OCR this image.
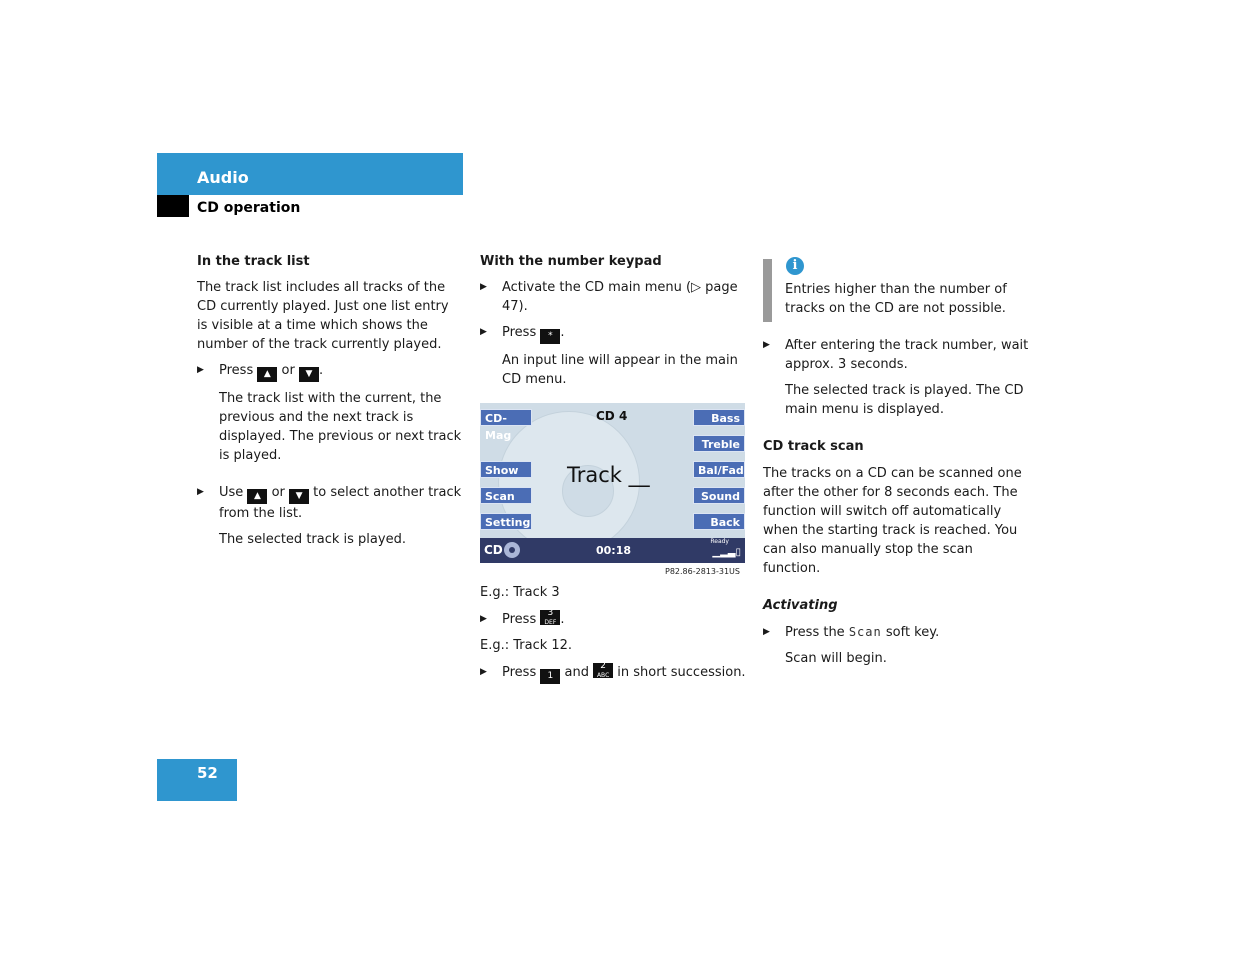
Audio
CD operation

In the track list

The track list includes all tracks of the CD currently played. Just one list entry is visible at a time which shows the number of the track currently played.

▶ Press ▲ or ▼ .

The track list with the current, the previous and the next track is displayed. The previous or next track is played.

▶ Use ▲ or ▼ to select another track from the list.

The selected track is played.

With the number keypad

▶ Activate the CD main menu (▷ page 47).

▶ Press * .

An input line will appear in the main CD menu.

CD-Mag
Show
Scan
Setting
Bass
Treble
Bal/Fad
Sound
Back
CD 4
Track __
CD	00:18
Ready
▁▂▃▯
P82.86-2813-31US

E.g.: Track 3

▶ Press	3
DEF .

E.g.: Track 12.

▶ Press 1 and	2
ABC in short succession.

i

Entries higher than the number of tracks on the CD are not possible.

▶ After entering the track number, wait approx. 3 seconds.

The selected track is played. The CD main menu is displayed.

CD track scan

The tracks on a CD can be scanned one after the other for 8 seconds each. The function will switch off automatically when the starting track is reached. You can also manually stop the scan function.

Activating

▶ Press the Scan soft key.

Scan will begin.

52
